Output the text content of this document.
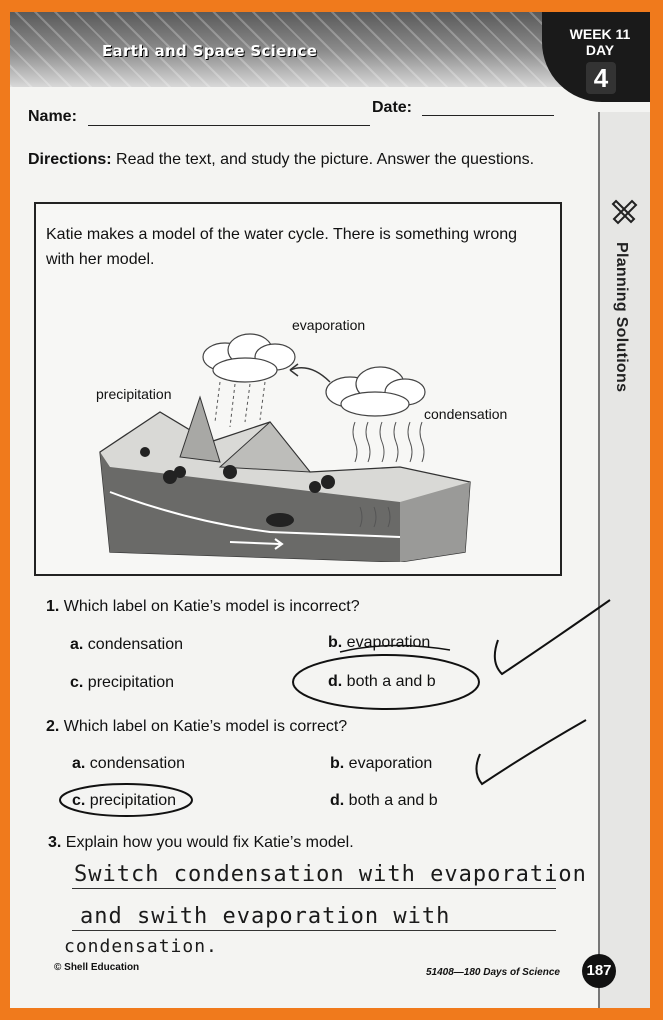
Earth and Space Science
WEEK 11
DAY
4
Planning Solutions
Name:
Date:
Directions: Read the text, and study the picture. Answer the questions.
Katie makes a model of the water cycle. There is something wrong with her model.
evaporation
precipitation
condensation
1. Which label on Katie’s model is incorrect?
a. condensation	b. evaporation
c. precipitation	d. both a and b
2. Which label on Katie’s model is correct?
a. condensation	b. evaporation
c. precipitation	d. both a and b
3. Explain how you would fix Katie’s model.
Switch condensation with evaporation
and swith evaporation with
condensation.
© Shell Education	51408—180 Days of Science 187
